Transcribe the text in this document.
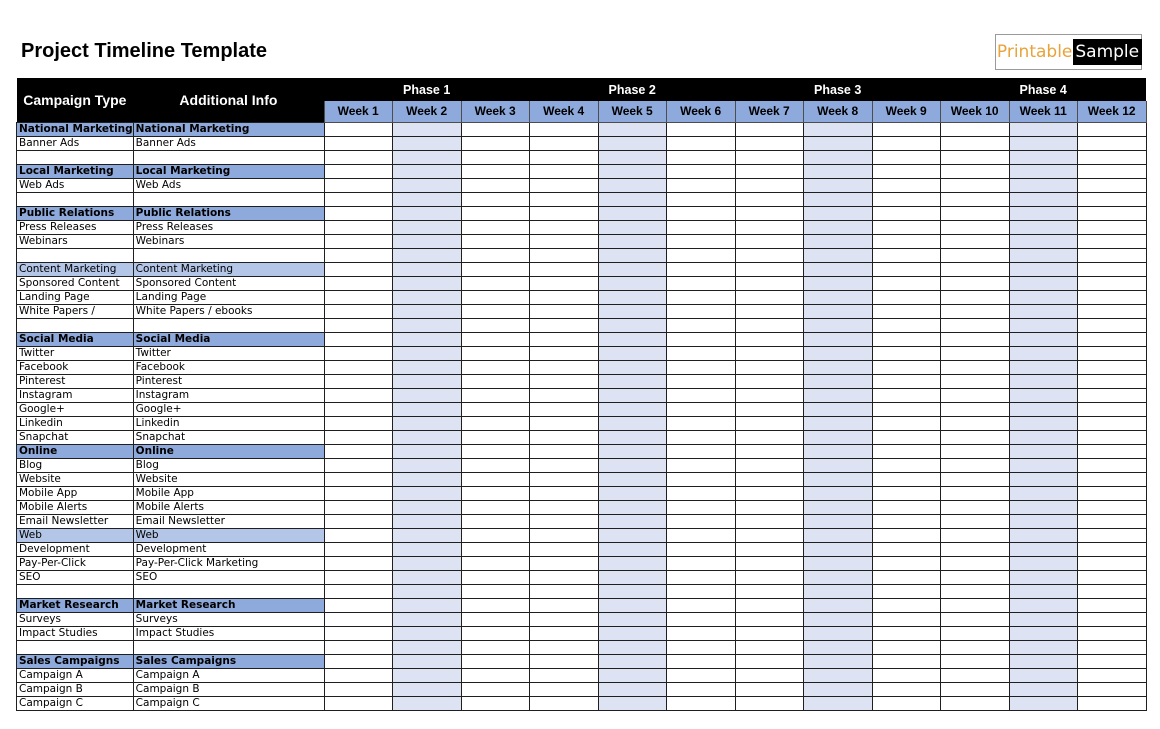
Project Timeline Template	Printable Sample
Campaign Type	Additional Info	Phase 1			Phase 2			Phase 3			Phase 4		
		Week 1	Week 2	Week 3	Week 4	Week 5	Week 6	Week 7	Week 8	Week 9	Week 10	Week 11	Week 12
National Marketing	National Marketing												
Banner Ads	Banner Ads												

Local Marketing	Local Marketing												
Web Ads	Web Ads												

Public Relations	Public Relations												
Press Releases	Press Releases												
Webinars	Webinars												

Content Marketing	Content Marketing												
Sponsored Content	Sponsored Content												
Landing Page	Landing Page												
White Papers /	White Papers / ebooks												

Social Media	Social Media												
Twitter	Twitter												
Facebook	Facebook												
Pinterest	Pinterest												
Instagram	Instagram												
Google+	Google+												
Linkedin	Linkedin												
Snapchat	Snapchat												
Online	Online												
Blog	Blog												
Website	Website												
Mobile App	Mobile App												
Mobile Alerts	Mobile Alerts												
Email Newsletter	Email Newsletter												
Web	Web												
Development	Development												
Pay-Per-Click	Pay-Per-Click Marketing												
SEO	SEO												

Market Research	Market Research												
Surveys	Surveys												
Impact Studies	Impact Studies												

Sales Campaigns	Sales Campaigns												
Campaign A	Campaign A												
Campaign B	Campaign B												
Campaign C	Campaign C												
